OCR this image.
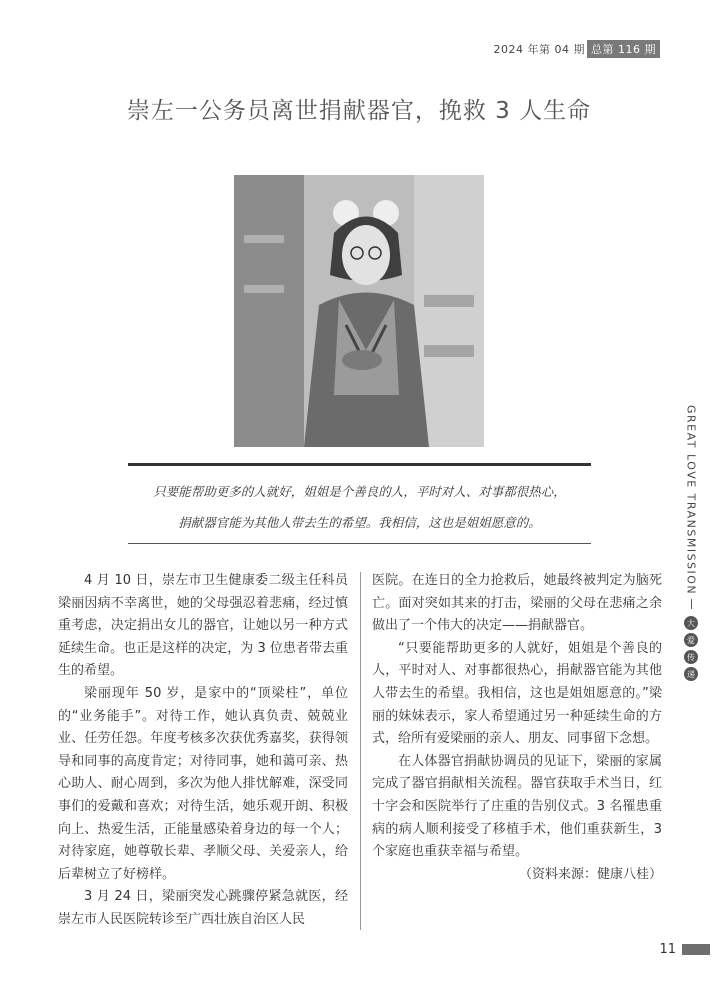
2024 年第 04 期 总第 116 期
崇左一公务员离世捐献器官，挽救 3 人生命
只要能帮助更多的人就好，姐姐是个善良的人，平时对人、对事都很热心，
捐献器官能为其他人带去生的希望。我相信，这也是姐姐愿意的。

4 月 10 日，崇左市卫生健康委二级主任科员梁丽因病不幸离世，她的父母强忍着悲痛，经过慎重考虑，决定捐出女儿的器官，让她以另一种方式延续生命。也正是这样的决定，为 3 位患者带去重生的希望。

梁丽现年 50 岁，是家中的“顶梁柱”，单位的“业务能手”。对待工作，她认真负责、兢兢业业、任劳任怨。年度考核多次获优秀嘉奖，获得领导和同事的高度肯定；对待同事，她和蔼可亲、热心助人、耐心周到，多次为他人排忧解难，深受同事们的爱戴和喜欢；对待生活，她乐观开朗、积极向上、热爱生活，正能量感染着身边的每一个人；对待家庭，她尊敬长辈、孝顺父母、关爱亲人，给后辈树立了好榜样。

3 月 24 日，梁丽突发心跳骤停紧急就医，经崇左市人民医院转诊至广西壮族自治区人民

医院。在连日的全力抢救后，她最终被判定为脑死亡。面对突如其来的打击，梁丽的父母在悲痛之余做出了一个伟大的决定——捐献器官。

“只要能帮助更多的人就好，姐姐是个善良的人，平时对人、对事都很热心，捐献器官能为其他人带去生的希望。我相信，这也是姐姐愿意的。”梁丽的妹妹表示，家人希望通过另一种延续生命的方式，给所有爱梁丽的亲人、朋友、同事留下念想。

在人体器官捐献协调员的见证下，梁丽的家属完成了器官捐献相关流程。器官获取手术当日，红十字会和医院举行了庄重的告别仪式。3 名罹患重病的病人顺利接受了移植手术，他们重获新生，3 个家庭也重获幸福与希望。

（资料来源：健康八桂）

GREAT LOVE TRANSMISSION
大
爱
传
递
11
